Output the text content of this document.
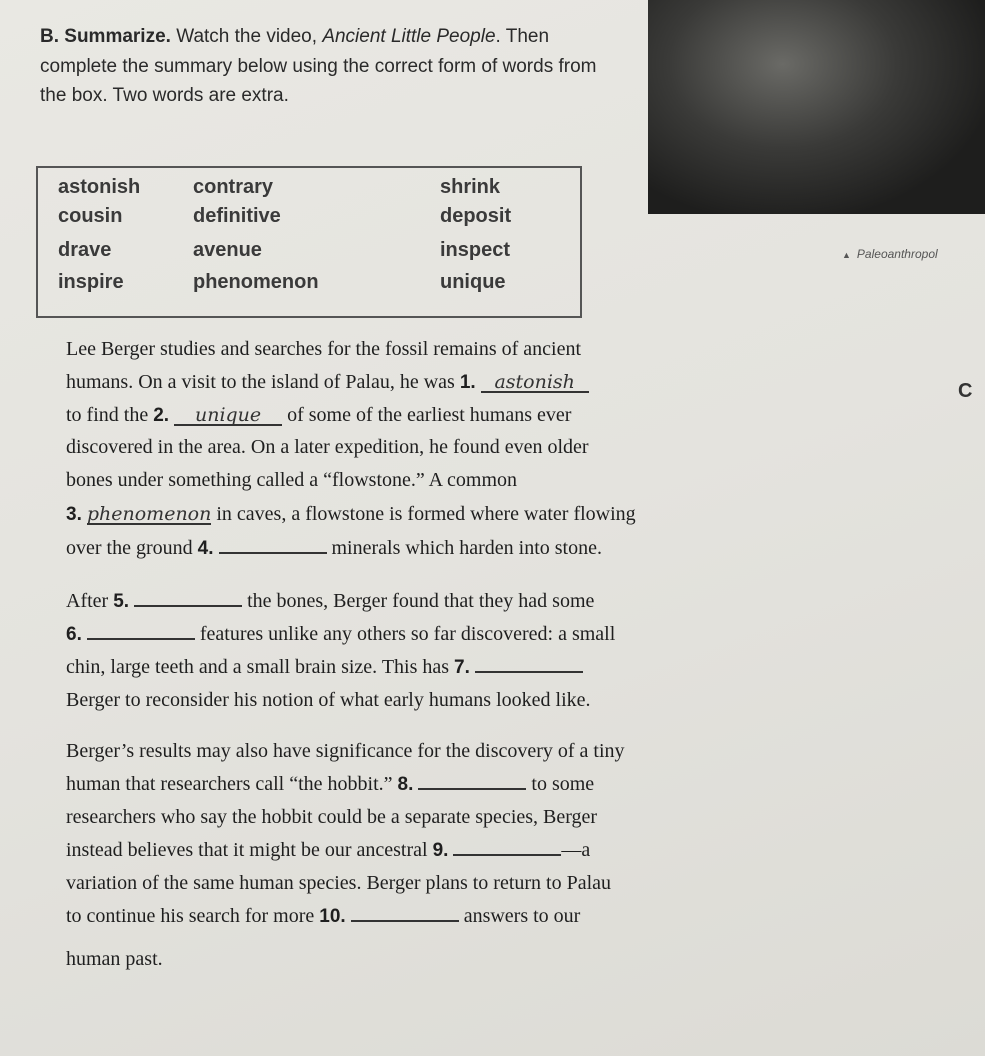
▲ Paleoanthropol
C
B. Summarize. Watch the video, Ancient Little People. Then complete the summary below using the correct form of words from the box. Two words are extra.
astonish	contrary	shrink
cousin	definitive	deposit
drave	avenue	inspect
inspire	phenomenon	unique
Lee Berger studies and searches for the fossil remains of ancient
humans. On a visit to the island of Palau, he was 1. astonish
to find the 2. unique of some of the earliest humans ever
discovered in the area. On a later expedition, he found even older
bones under something called a “flowstone.” A common
3. phenomenon in caves, a flowstone is formed where water flowing
over the ground 4.	minerals which harden into stone.
After 5.	the bones, Berger found that they had some
6.	features unlike any others so far discovered: a small
chin, large teeth and a small brain size. This has 7.
Berger to reconsider his notion of what early humans looked like.
Berger’s results may also have significance for the discovery of a tiny
human that researchers call “the hobbit.” 8.	to some
researchers who say the hobbit could be a separate species, Berger
instead believes that it might be our ancestral 9.	—a
variation of the same human species. Berger plans to return to Palau
to continue his search for more 10.	answers to our
human past.
